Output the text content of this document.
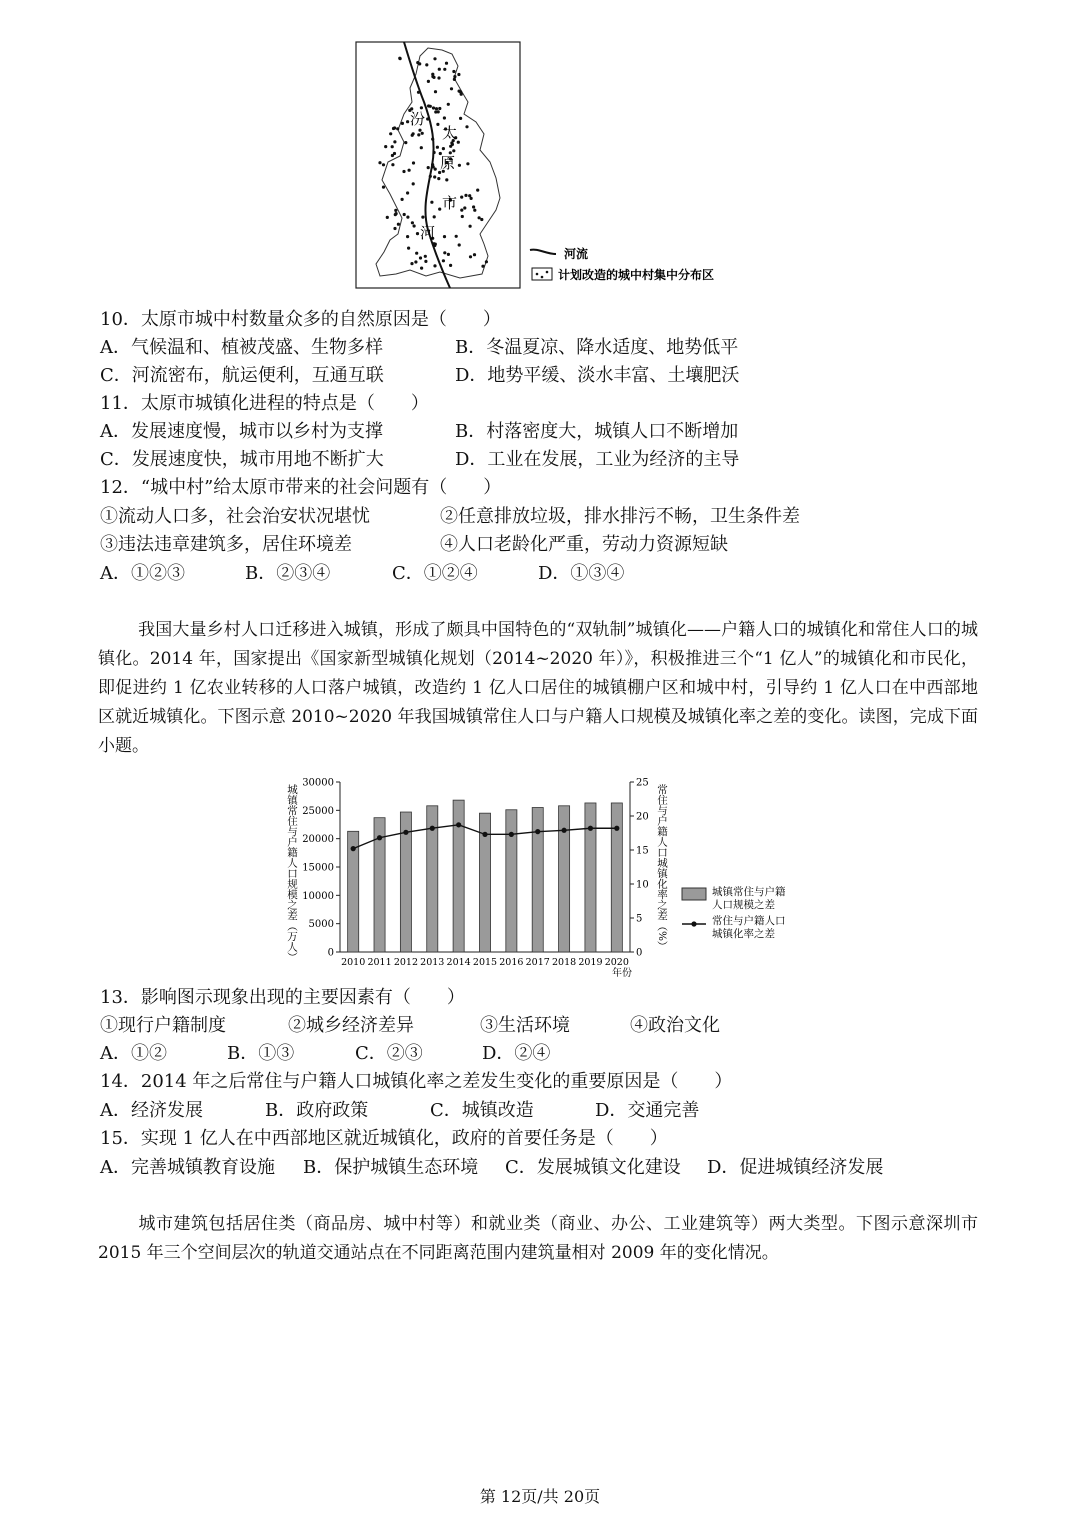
汾
太
原
市
河
河流
计划改造的城中村集中分布区
10．太原市城中村数量众多的自然原因是（　　）
A．气候温和、植被茂盛、生物多样	B．冬温夏凉、降水适度、地势低平
C．河流密布，航运便利，互通互联	D．地势平缓、淡水丰富、土壤肥沃
11．太原市城镇化进程的特点是（　　）
A．发展速度慢，城市以乡村为支撑	B．村落密度大，城镇人口不断增加
C．发展速度快，城市用地不断扩大	D．工业在发展，工业为经济的主导
12．“城中村”给太原市带来的社会问题有（　　）
①流动人口多，社会治安状况堪忧	②任意排放垃圾，排水排污不畅，卫生条件差
③违法违章建筑多，居住环境差	④人口老龄化严重，劳动力资源短缺
A．①②③	B．②③④	C．①②④	D．①③④
我国大量乡村人口迁移进入城镇，形成了颇具中国特色的“双轨制”城镇化——户籍人口的城镇化和常住人口的城镇化。2014 年，国家提出《国家新型城镇化规划（2014~2020 年）》，积极推进三个“1 亿人”的城镇化和市民化，即促进约 1 亿农业转移的人口落户城镇，改造约 1 亿人口居住的城镇棚户区和城中村，引导约 1 亿人口在中西部地区就近城镇化。下图示意 2010~2020 年我国城镇常住人口与户籍人口规模及城镇化率之差的变化。读图，完成下面小题。
0
5000
10000
15000
20000
25000
30000
0
5
10
15
20
25
2010 2011 2012 2013 2014 2015 2016 2017 2018 2019 2020
年份
城镇常住与户籍人口规模之差（万人）	常住与户籍人口城镇化率之差（%）	城镇常住与户籍
人口规模之差
常住与户籍人口
城镇化率之差
13．影响图示现象出现的主要因素有（　　）
①现行户籍制度	②城乡经济差异	③生活环境	④政治文化
A．①②	B．①③	C．②③	D．②④
14．2014 年之后常住与户籍人口城镇化率之差发生变化的重要原因是（　　）
A．经济发展	B．政府政策	C．城镇改造	D．交通完善
15．实现 1 亿人在中西部地区就近城镇化，政府的首要任务是（　　）
A．完善城镇教育设施 B．保护城镇生态环境 C．发展城镇文化建设 D．促进城镇经济发展
城市建筑包括居住类（商品房、城中村等）和就业类（商业、办公、工业建筑等）两大类型。下图示意深圳市 2015 年三个空间层次的轨道交通站点在不同距离范围内建筑量相对 2009 年的变化情况。
第 12页/共 20页
